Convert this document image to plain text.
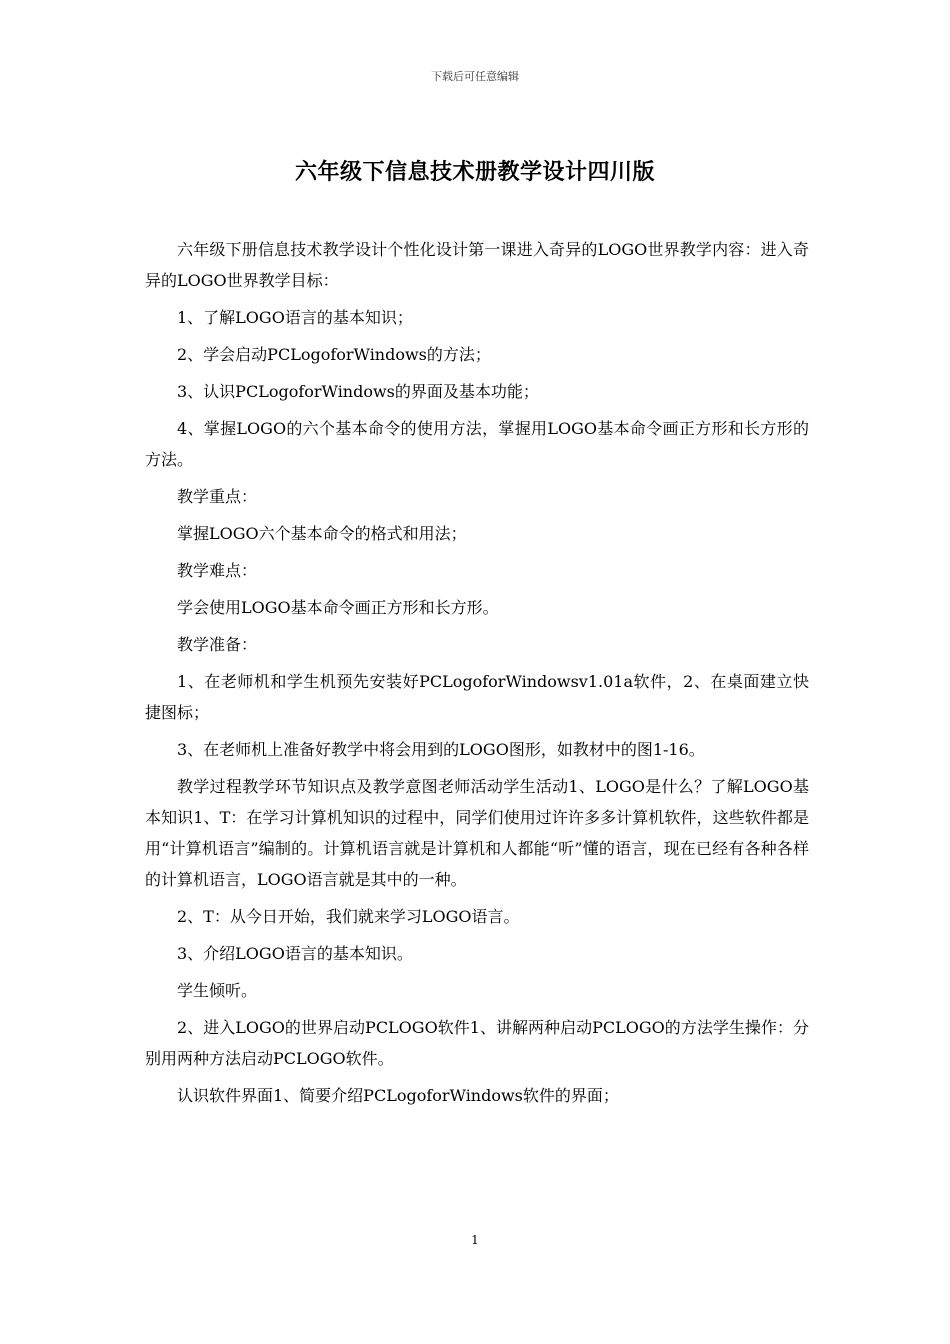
下载后可任意编辑
六年级下信息技术册教学设计四川版

六年级下册信息技术教学设计个性化设计第一课进入奇异的LOGO世界教学内容：进入奇异的LOGO世界教学目标：

1、了解LOGO语言的基本知识；

2、学会启动PCLogoforWindows的方法；

3、认识PCLogoforWindows的界面及基本功能；

4、掌握LOGO的六个基本命令的使用方法，掌握用LOGO基本命令画正方形和长方形的方法。

教学重点：

掌握LOGO六个基本命令的格式和用法；

教学难点：

学会使用LOGO基本命令画正方形和长方形。

教学准备：

1、在老师机和学生机预先安装好PCLogoforWindowsv1.01a软件，2、在桌面建立快捷图标；

3、在老师机上准备好教学中将会用到的LOGO图形，如教材中的图1-16。

教学过程教学环节知识点及教学意图老师活动学生活动1、LOGO是什么？了解LOGO基本知识1、T：在学习计算机知识的过程中，同学们使用过许许多多计算机软件，这些软件都是用“计算机语言”编制的。计算机语言就是计算机和人都能“听”懂的语言，现在已经有各种各样的计算机语言，LOGO语言就是其中的一种。

2、T：从今日开始，我们就来学习LOGO语言。

3、介绍LOGO语言的基本知识。

学生倾听。

2、进入LOGO的世界启动PCLOGO软件1、讲解两种启动PCLOGO的方法学生操作：分别用两种方法启动PCLOGO软件。

认识软件界面1、简要介绍PCLogoforWindows软件的界面；

1
